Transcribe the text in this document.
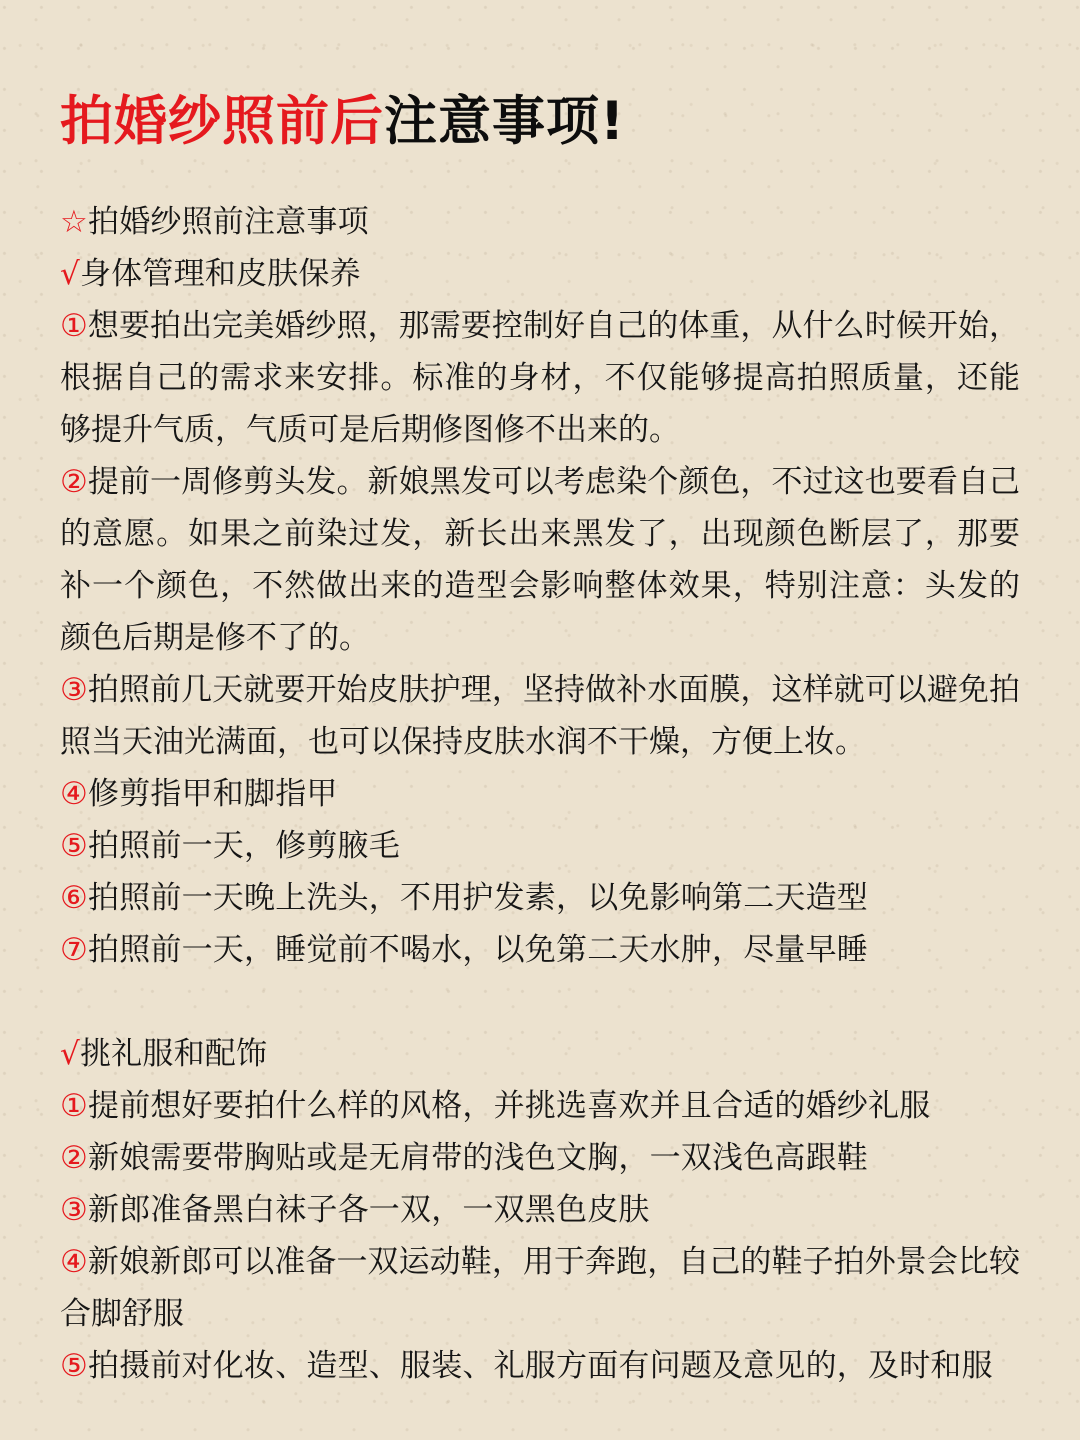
拍婚纱照前后注意事项!
☆拍婚纱照前注意事项
√身体管理和皮肤保养
①想要拍出完美婚纱照，那需要控制好自己的体重，从什么时候开始，根据自己的需求来安排。标准的身材，不仅能够提高拍照质量，还能够提升气质，气质可是后期修图修不出来的。
②提前一周修剪头发。新娘黑发可以考虑染个颜色，不过这也要看自己的意愿。如果之前染过发，新长出来黑发了，出现颜色断层了，那要补一个颜色，不然做出来的造型会影响整体效果，特别注意：头发的颜色后期是修不了的。
③拍照前几天就要开始皮肤护理，坚持做补水面膜，这样就可以避免拍照当天油光满面，也可以保持皮肤水润不干燥，方便上妆。
④修剪指甲和脚指甲
⑤拍照前一天，修剪腋毛
⑥拍照前一天晚上洗头，不用护发素，以免影响第二天造型
⑦拍照前一天，睡觉前不喝水，以免第二天水肿，尽量早睡
√挑礼服和配饰
①提前想好要拍什么样的风格，并挑选喜欢并且合适的婚纱礼服
②新娘需要带胸贴或是无肩带的浅色文胸，一双浅色高跟鞋
③新郎准备黑白袜子各一双，一双黑色皮肤
④新娘新郎可以准备一双运动鞋，用于奔跑，自己的鞋子拍外景会比较合脚舒服
⑤拍摄前对化妆、造型、服装、礼服方面有问题及意见的，及时和服
